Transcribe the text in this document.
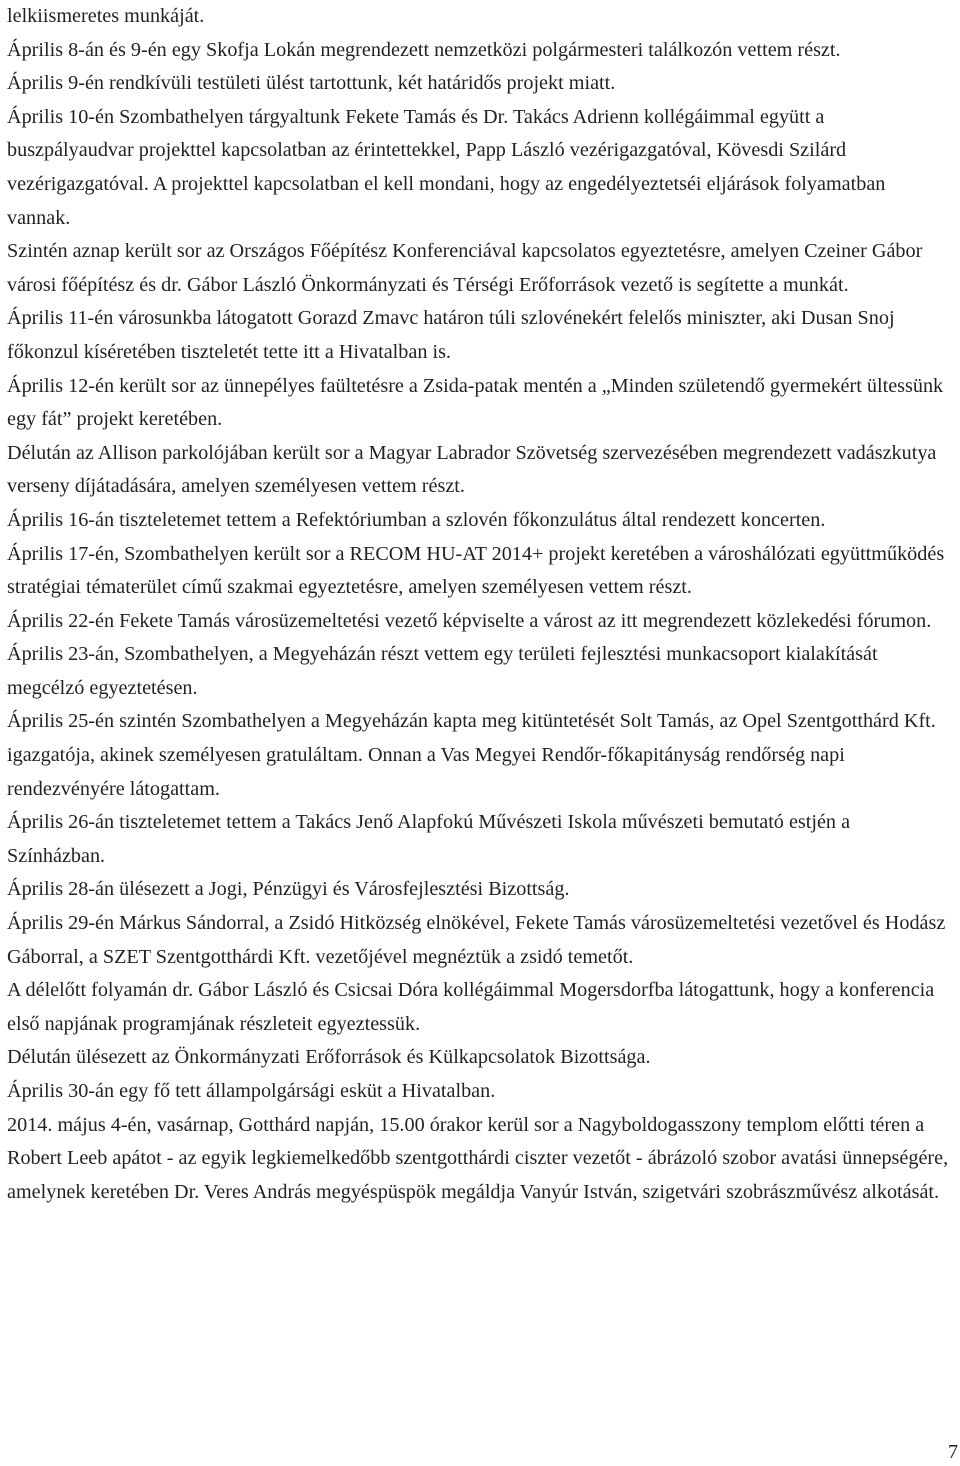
lelkiismeretes munkáját.

Április 8-án és 9-én egy Skofja Lokán megrendezett nemzetközi polgármesteri találkozón vettem részt.

Április 9-én rendkívüli testületi ülést tartottunk, két határidős projekt miatt.

Április 10-én Szombathelyen tárgyaltunk Fekete Tamás és Dr. Takács Adrienn kollégáimmal együtt a buszpályaudvar projekttel kapcsolatban az érintettekkel, Papp László vezérigazgatóval, Kövesdi Szilárd vezérigazgatóval. A projekttel kapcsolatban el kell mondani, hogy az engedélyeztetséi eljárások folyamatban vannak.

Szintén aznap került sor az Országos Főépítész Konferenciával kapcsolatos egyeztetésre, amelyen Czeiner Gábor városi főépítész és dr. Gábor László Önkormányzati és Térségi Erőforrások vezető is segítette a munkát.

Április 11-én városunkba látogatott Gorazd Zmavc határon túli szlovénekért felelős miniszter, aki Dusan Snoj főkonzul kíséretében tiszteletét tette itt a Hivatalban is.

Április 12-én került sor az ünnepélyes faültetésre a Zsida-patak mentén a „Minden születendő gyermekért ültessünk egy fát” projekt keretében.

Délután az Allison parkolójában került sor a Magyar Labrador Szövetség szervezésében megrendezett vadászkutya verseny díjátadására, amelyen személyesen vettem részt.

Április 16-án tiszteletemet tettem a Refektóriumban a szlovén főkonzulátus által rendezett koncerten.

Április 17-én, Szombathelyen került sor a RECOM HU-AT 2014+ projekt keretében a városhálózati együttműködés stratégiai tématerület című szakmai egyeztetésre, amelyen személyesen vettem részt.

Április 22-én Fekete Tamás városüzemeltetési vezető képviselte a várost az itt megrendezett közlekedési fórumon.

Április 23-án, Szombathelyen, a Megyeházán részt vettem egy területi fejlesztési munkacsoport kialakítását megcélzó egyeztetésen.

Április 25-én szintén Szombathelyen a Megyeházán kapta meg kitüntetését Solt Tamás, az Opel Szentgotthárd Kft. igazgatója, akinek személyesen gratuláltam. Onnan a Vas Megyei Rendőr-főkapitányság rendőrség napi rendezvényére látogattam.

Április 26-án tiszteletemet tettem a Takács Jenő Alapfokú Művészeti Iskola művészeti bemutató estjén a Színházban.

Április 28-án ülésezett a Jogi, Pénzügyi és Városfejlesztési Bizottság.

Április 29-én Márkus Sándorral, a Zsidó Hitközség elnökével, Fekete Tamás városüzemeltetési vezetővel és Hodász Gáborral, a SZET Szentgotthárdi Kft. vezetőjével megnéztük a zsidó temetőt.

A délelőtt folyamán dr. Gábor László és Csicsai Dóra kollégáimmal Mogersdorfba látogattunk, hogy a konferencia első napjának programjának részleteit egyeztessük.

Délután ülésezett az Önkormányzati Erőforrások és Külkapcsolatok Bizottsága.

Április 30-án egy fő tett állampolgársági esküt a Hivatalban.

2014. május 4-én, vasárnap, Gotthárd napján, 15.00 órakor kerül sor a Nagyboldogasszony templom előtti téren a Robert Leeb apátot - az egyik legkiemelkedőbb szentgotthárdi ciszter vezetőt - ábrázoló szobor avatási ünnepségére, amelynek keretében Dr. Veres András megyéspüspök megáldja Vanyúr István, szigetvári szobrászművész alkotását.

7
